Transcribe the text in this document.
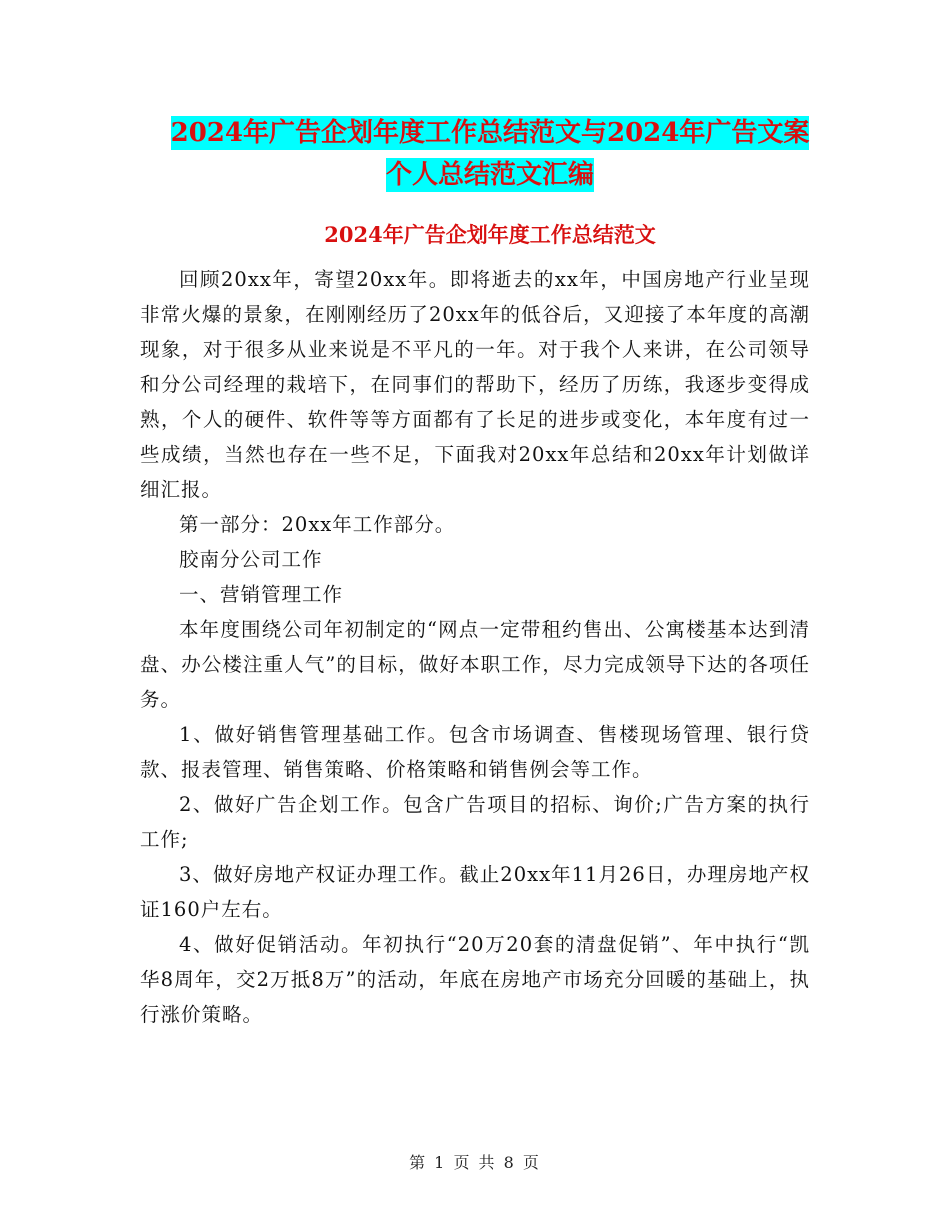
2024年广告企划年度工作总结范文与2024年广告文案
个人总结范文汇编
2024年广告企划年度工作总结范文

回顾20xx年，寄望20xx年。即将逝去的xx年，中国房地产行业呈现非常火爆的景象，在刚刚经历了20xx年的低谷后，又迎接了本年度的高潮现象，对于很多从业来说是不平凡的一年。对于我个人来讲，在公司领导和分公司经理的栽培下，在同事们的帮助下，经历了历练，我逐步变得成熟，个人的硬件、软件等等方面都有了长足的进步或变化，本年度有过一些成绩，当然也存在一些不足，下面我对20xx年总结和20xx年计划做详细汇报。

第一部分：20xx年工作部分。

胶南分公司工作

一、营销管理工作

本年度围绕公司年初制定的“网点一定带租约售出、公寓楼基本达到清盘、办公楼注重人气”的目标，做好本职工作，尽力完成领导下达的各项任务。

1、做好销售管理基础工作。包含市场调查、售楼现场管理、银行贷款、报表管理、销售策略、价格策略和销售例会等工作。

2、做好广告企划工作。包含广告项目的招标、询价;广告方案的执行工作;

3、做好房地产权证办理工作。截止20xx年11月26日，办理房地产权证160户左右。

4、做好促销活动。年初执行“20万20套的清盘促销”、年中执行“凯华8周年，交2万抵8万”的活动，年底在房地产市场充分回暖的基础上，执行涨价策略。

第 1 页 共 8 页
